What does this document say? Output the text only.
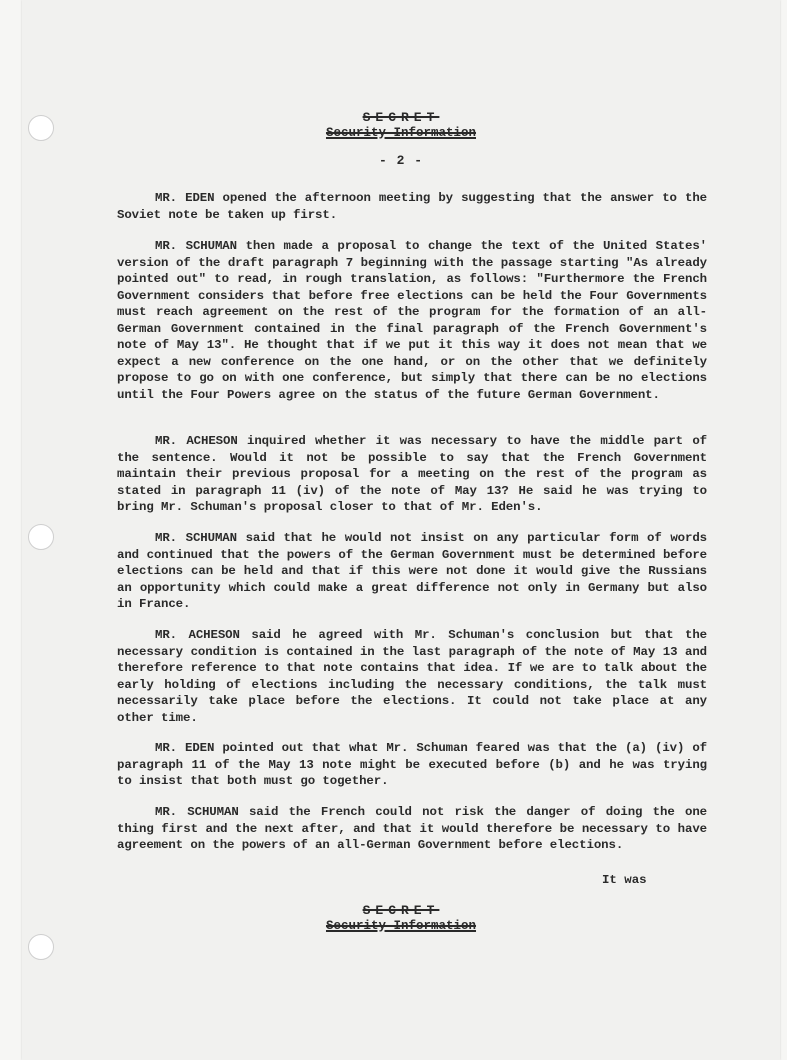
SECRET
Security Information
- 2 -
MR. EDEN opened the afternoon meeting by suggesting that the answer to the Soviet note be taken up first.
MR. SCHUMAN then made a proposal to change the text of the United States' version of the draft paragraph 7 beginning with the passage starting "As already pointed out" to read, in rough translation, as follows: "Furthermore the French Government considers that before free elections can be held the Four Governments must reach agreement on the rest of the program for the formation of an all-German Government contained in the final paragraph of the French Government's note of May 13". He thought that if we put it this way it does not mean that we expect a new conference on the one hand, or on the other that we definitely propose to go on with one conference, but simply that there can be no elections until the Four Powers agree on the status of the future German Government.
MR. ACHESON inquired whether it was necessary to have the middle part of the sentence. Would it not be possible to say that the French Government maintain their previous proposal for a meeting on the rest of the program as stated in paragraph 11 (iv) of the note of May 13? He said he was trying to bring Mr. Schuman's proposal closer to that of Mr. Eden's.
MR. SCHUMAN said that he would not insist on any particular form of words and continued that the powers of the German Government must be determined before elections can be held and that if this were not done it would give the Russians an opportunity which could make a great difference not only in Germany but also in France.
MR. ACHESON said he agreed with Mr. Schuman's conclusion but that the necessary condition is contained in the last paragraph of the note of May 13 and therefore reference to that note contains that idea. If we are to talk about the early holding of elections including the necessary conditions, the talk must necessarily take place before the elections. It could not take place at any other time.
MR. EDEN pointed out that what Mr. Schuman feared was that the (a) (iv) of paragraph 11 of the May 13 note might be executed before (b) and he was trying to insist that both must go together.
MR. SCHUMAN said the French could not risk the danger of doing the one thing first and the next after, and that it would therefore be necessary to have agreement on the powers of an all-German Government before elections.
It was
SECRET
Security Information
